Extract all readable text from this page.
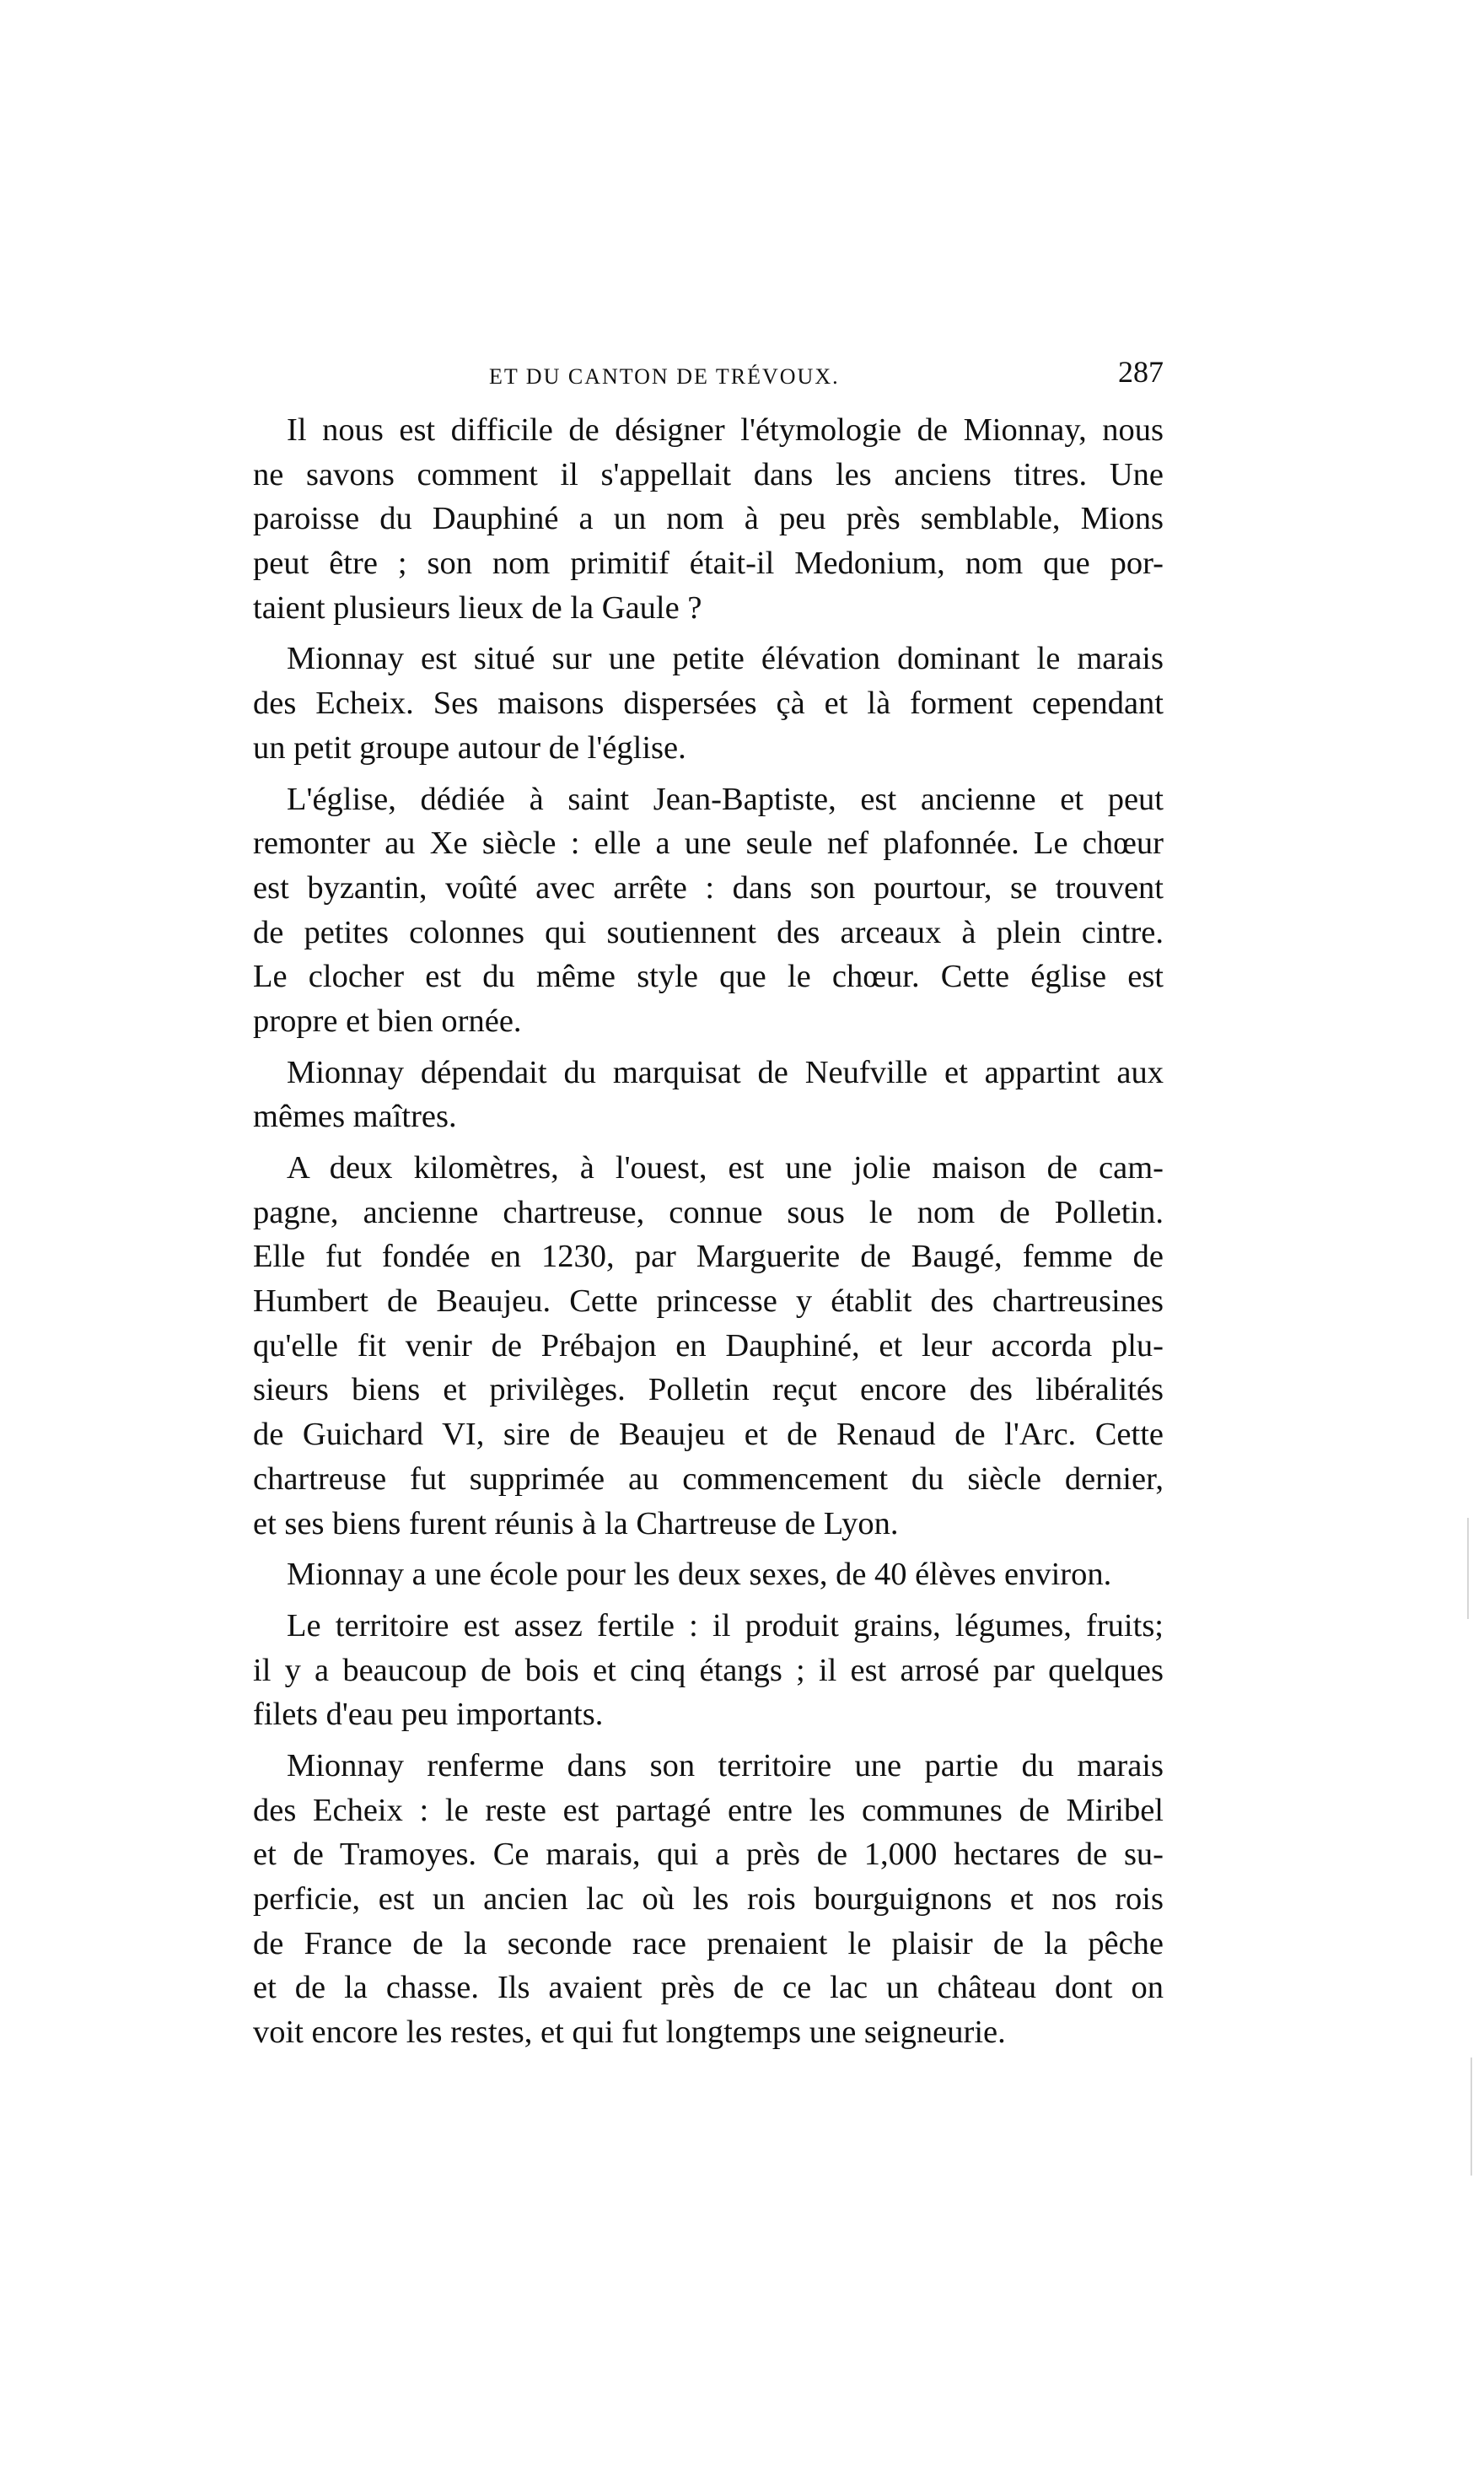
ET DU CANTON DE TRÉVOUX.	287

Il nous est difficile de désigner l'étymologie de Mionnay, nous
ne savons comment il s'appellait dans les anciens titres. Une
paroisse du Dauphiné a un nom à peu près semblable, Mions
peut être ; son nom primitif était-il Medonium, nom que por-
taient plusieurs lieux de la Gaule ?

Mionnay est situé sur une petite élévation dominant le marais
des Echeix. Ses maisons dispersées çà et là forment cependant
un petit groupe autour de l'église.

L'église, dédiée à saint Jean-Baptiste, est ancienne et peut
remonter au Xe siècle : elle a une seule nef plafonnée. Le chœur
est byzantin, voûté avec arrête : dans son pourtour, se trouvent
de petites colonnes qui soutiennent des arceaux à plein cintre.
Le clocher est du même style que le chœur. Cette église est
propre et bien ornée.

Mionnay dépendait du marquisat de Neufville et appartint aux
mêmes maîtres.

A deux kilomètres, à l'ouest, est une jolie maison de cam-
pagne, ancienne chartreuse, connue sous le nom de Polletin.
Elle fut fondée en 1230, par Marguerite de Baugé, femme de
Humbert de Beaujeu. Cette princesse y établit des chartreusines
qu'elle fit venir de Prébajon en Dauphiné, et leur accorda plu-
sieurs biens et privilèges. Polletin reçut encore des libéralités
de Guichard VI, sire de Beaujeu et de Renaud de l'Arc. Cette
chartreuse fut supprimée au commencement du siècle dernier,
et ses biens furent réunis à la Chartreuse de Lyon.

Mionnay a une école pour les deux sexes, de 40 élèves environ.

Le territoire est assez fertile : il produit grains, légumes, fruits;
il y a beaucoup de bois et cinq étangs ; il est arrosé par quelques
filets d'eau peu importants.

Mionnay renferme dans son territoire une partie du marais
des Echeix : le reste est partagé entre les communes de Miribel
et de Tramoyes. Ce marais, qui a près de 1,000 hectares de su-
perficie, est un ancien lac où les rois bourguignons et nos rois
de France de la seconde race prenaient le plaisir de la pêche
et de la chasse. Ils avaient près de ce lac un château dont on
voit encore les restes, et qui fut longtemps une seigneurie.
